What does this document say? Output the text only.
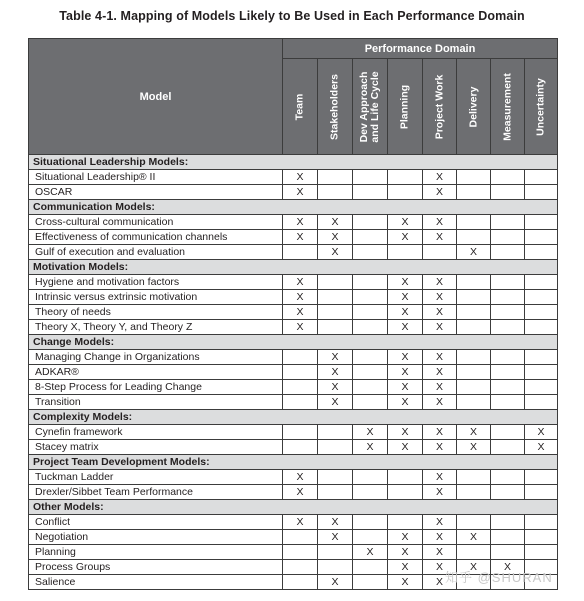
Table 4-1. Mapping of Models Likely to Be Used in Each Performance Domain
Model	Performance Domain							

	Team	Stakeholders	Dev Approach
and Life Cycle	Planning	Project Work	Delivery	Measurement	Uncertainty

Situational Leadership Models:								
Situational Leadership® II	X				X			
OSCAR	X				X			
Communication Models:								
Cross-cultural communication	X	X		X	X			
Effectiveness of communication channels	X	X		X	X			
Gulf of execution and evaluation		X				X		
Motivation Models:								
Hygiene and motivation factors	X			X	X			
Intrinsic versus extrinsic motivation	X			X	X			
Theory of needs	X			X	X			
Theory X, Theory Y, and Theory Z	X			X	X			
Change Models:								
Managing Change in Organizations		X		X	X			
ADKAR®		X		X	X			
8-Step Process for Leading Change		X		X	X			
Transition		X		X	X			
Complexity Models:								
Cynefin framework			X	X	X	X		X
Stacey matrix			X	X	X	X		X
Project Team Development Models:								
Tuckman Ladder	X				X			
Drexler/Sibbet Team Performance	X				X			
Other Models:								
Conflict	X	X			X			
Negotiation		X		X	X	X		
Planning			X	X	X			
Process Groups				X	X	X	X	
Salience		X		X	X			知乎 @SHURAN
